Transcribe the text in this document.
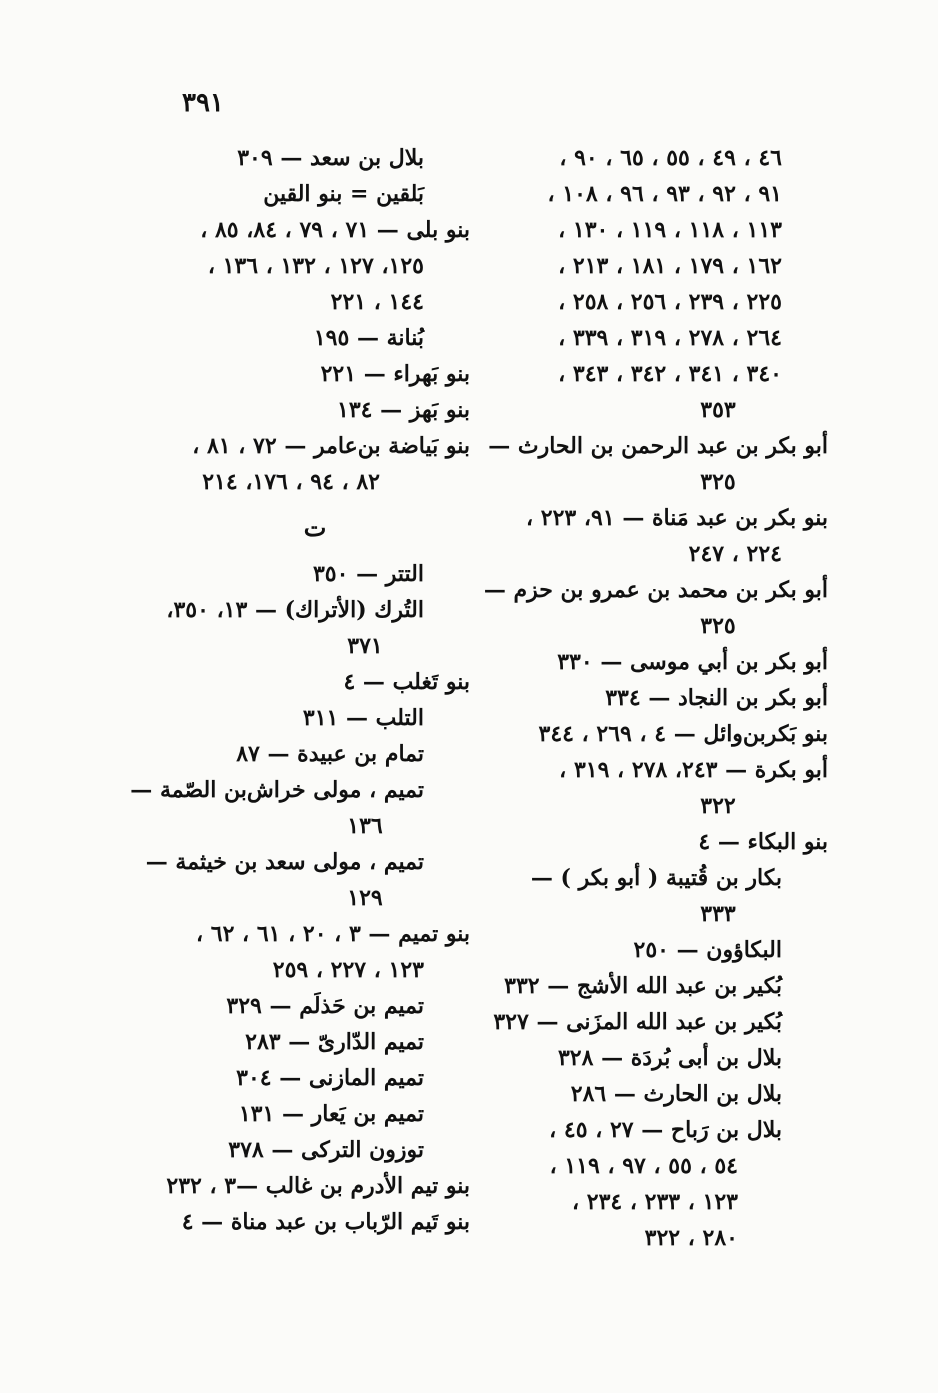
٣٩١
٤٦ ، ٤٩ ، ٥٥ ، ٦٥ ، ٩٠ ،
٩١ ، ٩٢ ، ٩٣ ، ٩٦ ، ١٠٨ ،
١١٣ ، ١١٨ ، ١١٩ ، ١٣٠ ،
١٦٢ ، ١٧٩ ، ١٨١ ، ٢١٣ ،
٢٢٥ ، ٢٣٩ ، ٢٥٦ ، ٢٥٨ ،
٢٦٤ ، ٢٧٨ ، ٣١٩ ، ٣٣٩ ،
٣٤٠ ، ٣٤١ ، ٣٤٢ ، ٣٤٣ ،
٣٥٣
أبو بكر بن عبد الرحمن بن الحارث —
٣٢٥
بنو بكر بن عبد مَناة — ٩١، ٢٢٣ ،
٢٢٤ ، ٢٤٧
أبو بكر بن محمد بن عمرو بن حزم —
٣٢٥
أبو بكر بن أبي موسى — ٣٣٠
أبو بكر بن النجاد — ٣٣٤
بنو بَكربن‌وائل — ٤ ، ٢٦٩ ، ٣٤٤
أبو بكرة — ٢٤٣، ٢٧٨ ، ٣١٩ ،
٣٢٢
بنو البكاء — ٤
بكار بن قُتيبة ( أبو بكر ) —
٣٣٣
البكاؤون — ٢٥٠
بُكير بن عبد الله الأشج — ٣٣٢
بُكير بن عبد الله المزَنى — ٣٢٧
بلال بن أبى بُردَة — ٣٢٨
بلال بن الحارث — ٢٨٦
بلال بن رَباح — ٢٧ ، ٤٥ ،
٥٤ ، ٥٥ ، ٩٧ ، ١١٩ ،
١٢٣ ، ٢٣٣ ، ٢٣٤ ،
٢٨٠ ، ٣٢٢
بلال بن سعد — ٣٠٩
بَلقين = بنو القين
بنو بلى — ٧١ ، ٧٩ ، ٨٤، ٨٥ ،
١٢٥، ١٢٧ ، ١٣٢ ، ١٣٦ ،
١٤٤ ، ٢٢١
بُنانة — ١٩٥
بنو بَهراء — ٢٢١
بنو بَهز — ١٣٤
بنو بَياضة بن‌عامر — ٧٢ ، ٨١ ،
٨٢ ، ٩٤ ، ١٧٦، ٢١٤
ت
التتر — ٣٥٠
التُرك (الأتراك) — ١٣، ٣٥٠،
٣٧١
بنو تَغلب — ٤
التلب — ٣١١
تمام بن عبيدة — ٨٧
تميم ، مولى خراش‌بن الصّمة —
١٣٦
تميم ، مولى سعد بن خيثمة —
١٢٩
بنو تميم — ٣ ، ٢٠ ، ٦١ ، ٦٢ ،
١٢٣ ، ٢٢٧ ، ٢٥٩
تميم بن حَذلَم — ٣٢٩
تميم الدّارىّ — ٢٨٣
تميم المازنى — ٣٠٤
تميم بن يَعار — ١٣١
توزون التركى — ٣٧٨
بنو تيم الأدرم بن غالب —٣ ، ٢٣٢
بنو تَيم الرّباب بن عبد مناة — ٤
